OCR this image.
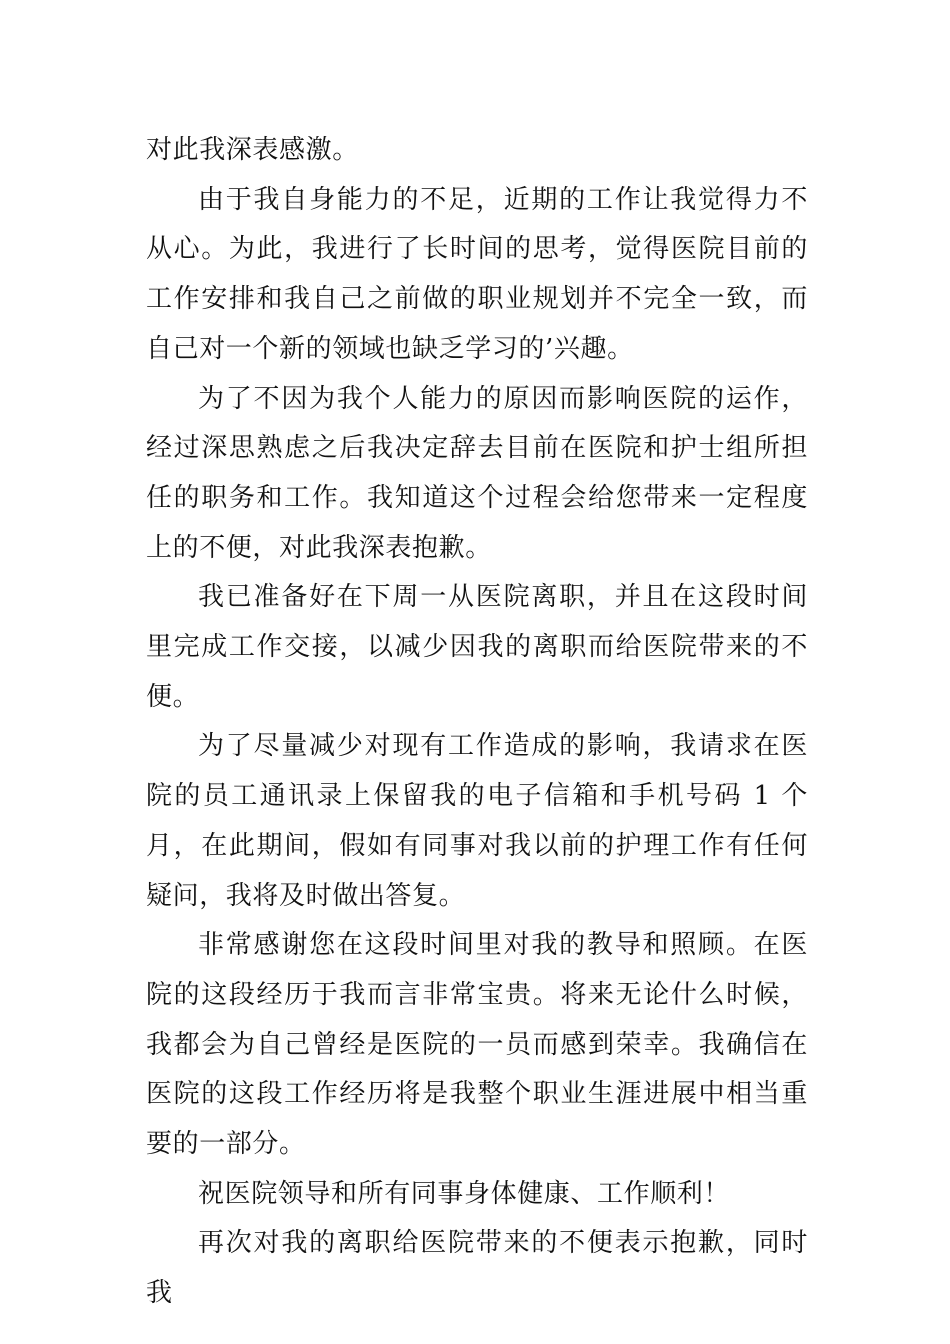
对此我深表感激。

由于我自身能力的不足，近期的工作让我觉得力不从心。为此，我进行了长时间的思考，觉得医院目前的工作安排和我自己之前做的职业规划并不完全一致，而自己对一个新的领域也缺乏学习的’兴趣。

为了不因为我个人能力的原因而影响医院的运作，经过深思熟虑之后我决定辞去目前在医院和护士组所担任的职务和工作。我知道这个过程会给您带来一定程度上的不便，对此我深表抱歉。

我已准备好在下周一从医院离职，并且在这段时间里完成工作交接，以减少因我的离职而给医院带来的不便。

为了尽量减少对现有工作造成的影响，我请求在医院的员工通讯录上保留我的电子信箱和手机号码 1 个月，在此期间，假如有同事对我以前的护理工作有任何疑问，我将及时做出答复。

非常感谢您在这段时间里对我的教导和照顾。在医院的这段经历于我而言非常宝贵。将来无论什么时候，我都会为自己曾经是医院的一员而感到荣幸。我确信在医院的这段工作经历将是我整个职业生涯进展中相当重要的一部分。

祝医院领导和所有同事身体健康、工作顺利！

再次对我的离职给医院带来的不便表示抱歉，同时我
